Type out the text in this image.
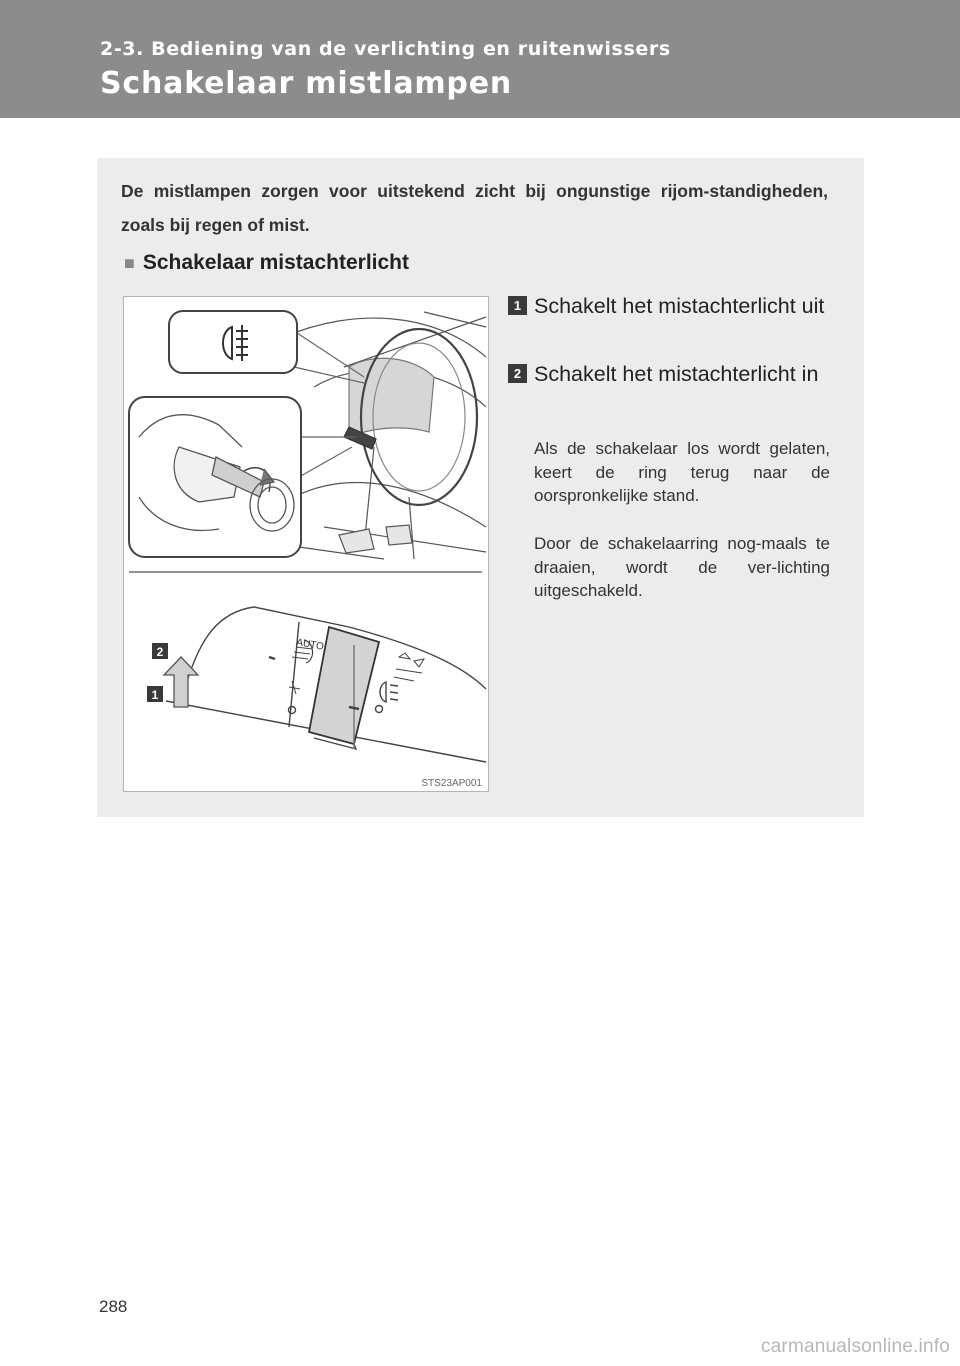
2-3. Bediening van de verlichting en ruitenwissers
Schakelaar mistlampen
De mistlampen zorgen voor uitstekend zicht bij ongunstige rijom-standigheden, zoals bij regen of mist.
■ Schakelaar mistachterlicht
AUTO
2
1
STS23AP001
1 Schakelt het mistachterlicht uit
2 Schakelt het mistachterlicht in
Als de schakelaar los wordt gelaten, keert de ring terug naar de oorspronkelijke stand.
Door de schakelaarring nog-maals te draaien, wordt de ver-lichting uitgeschakeld.
288
carmanualsonline.info
